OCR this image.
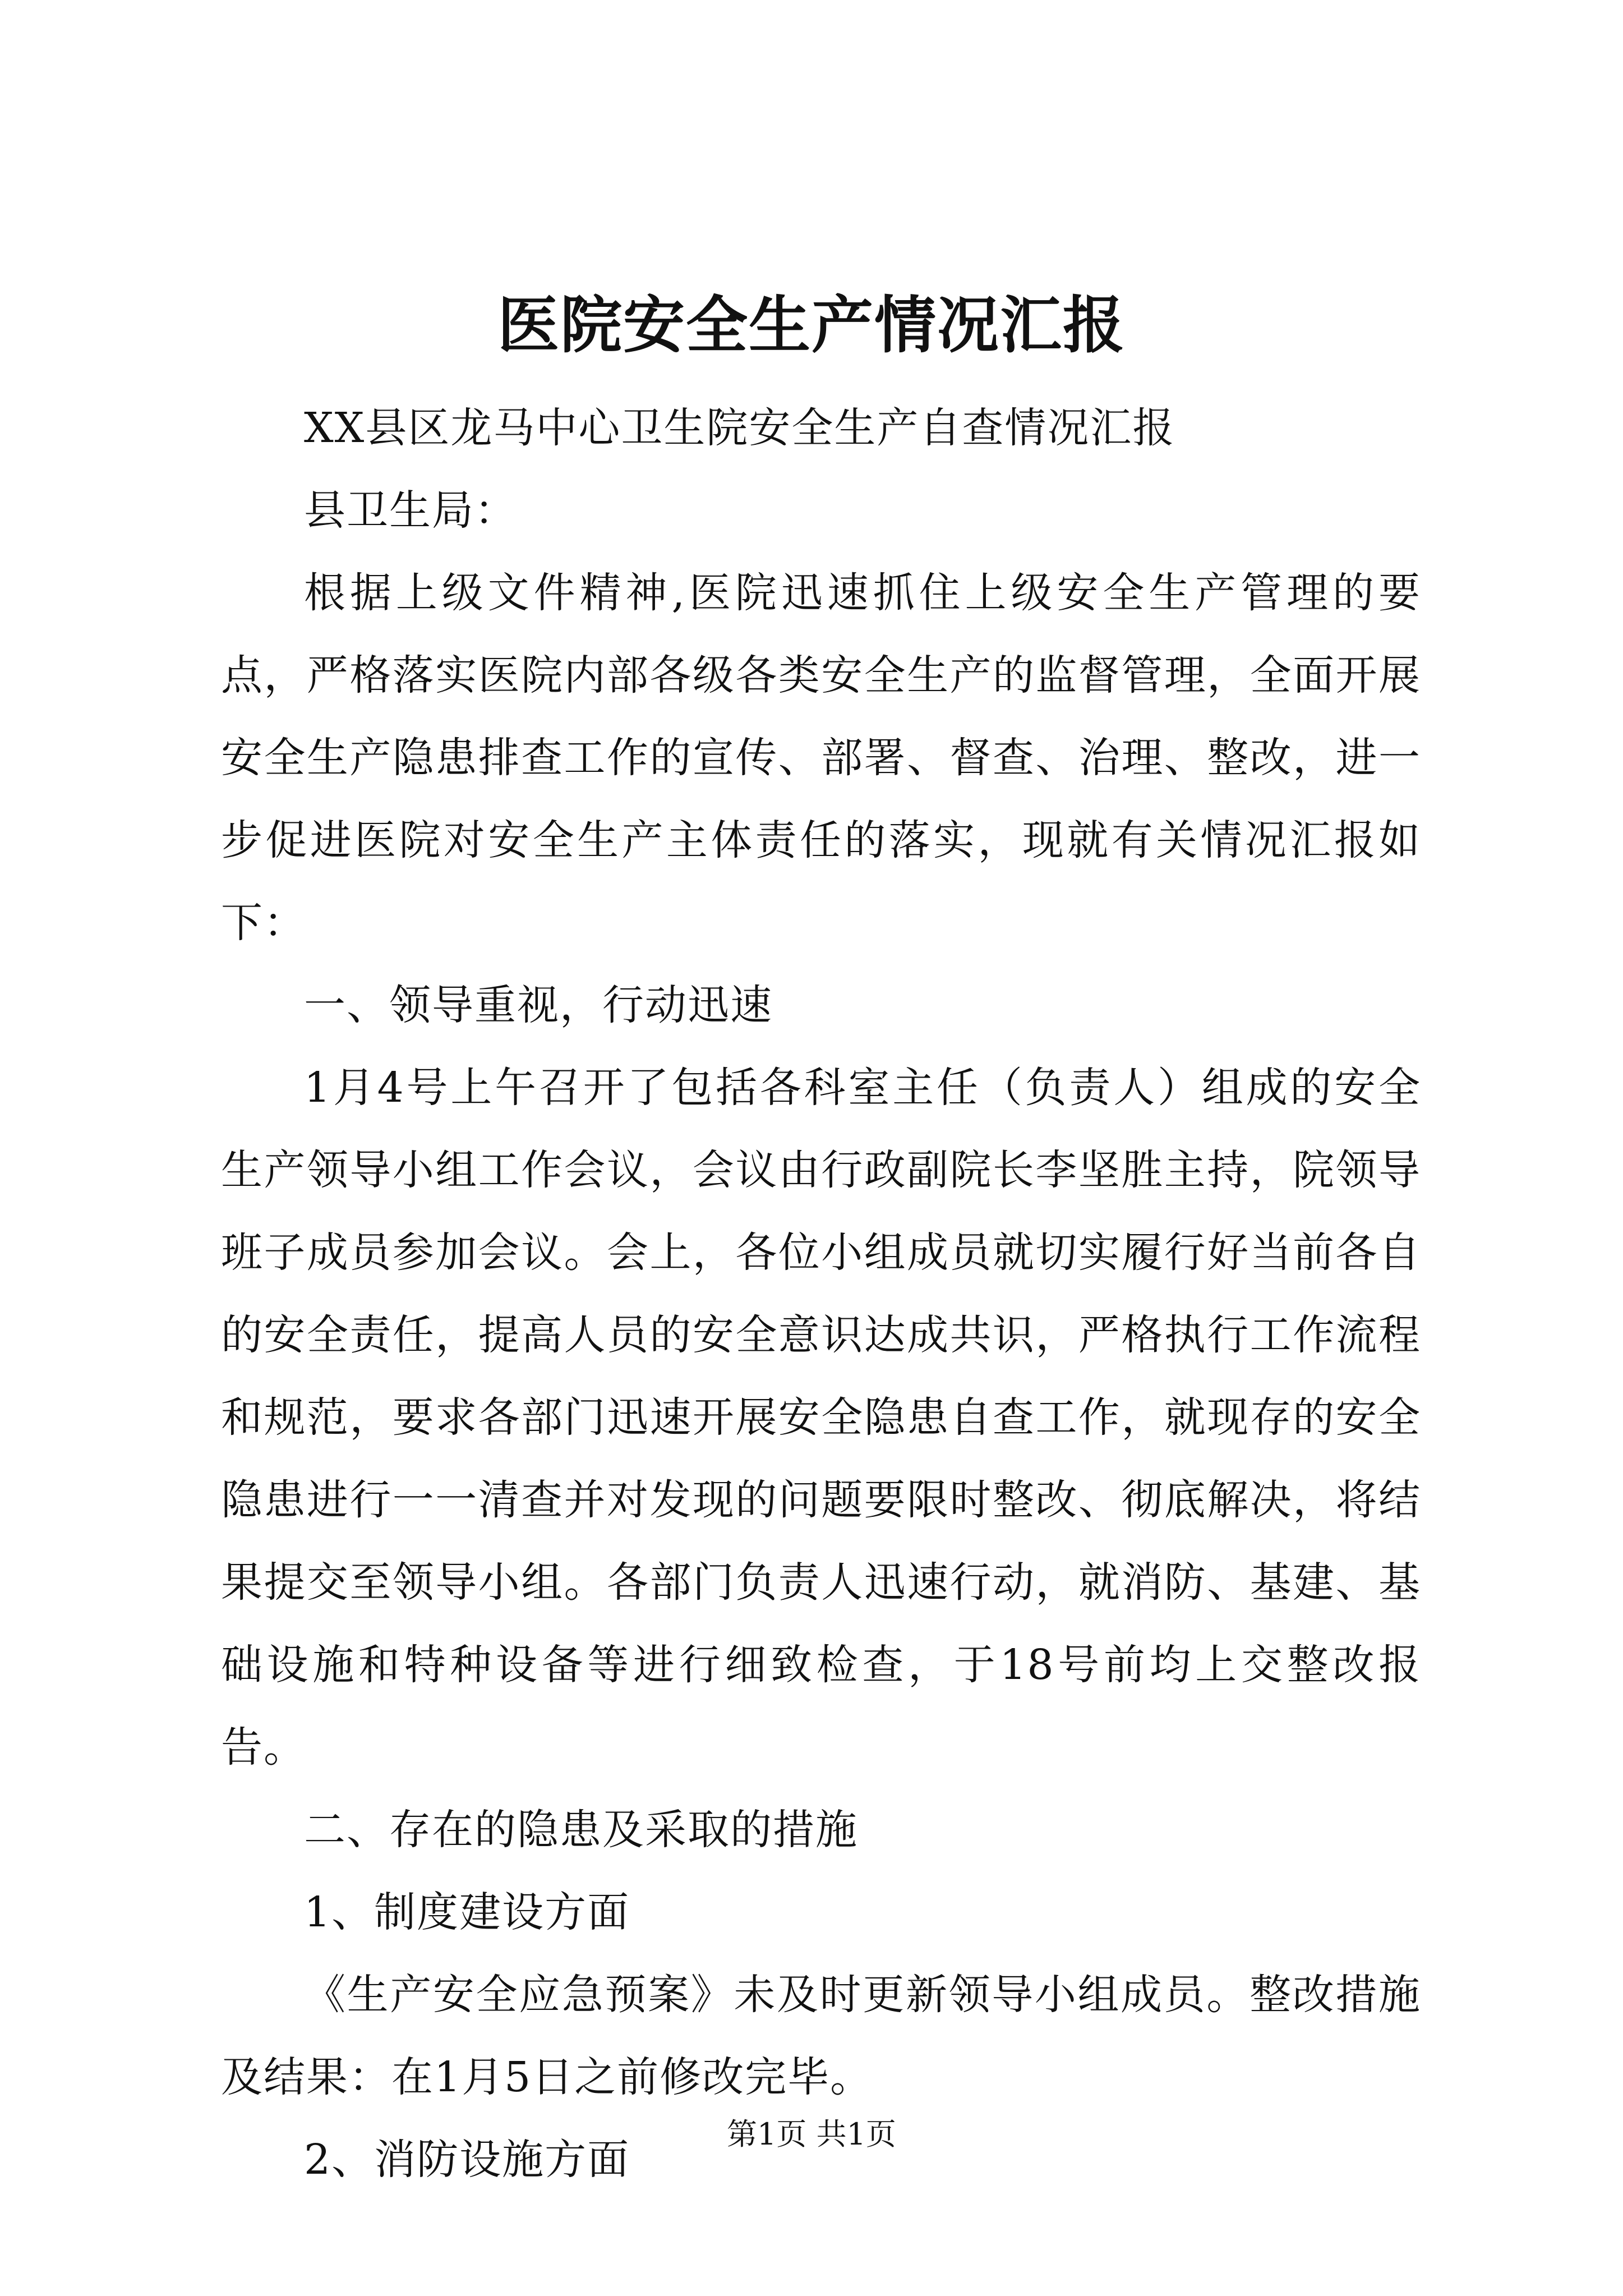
医院安全生产情况汇报

XX县区龙马中心卫生院安全生产自查情况汇报

县卫生局：

根据上级文件精神,医院迅速抓住上级安全生产管理的要点，严格落实医院内部各级各类安全生产的监督管理，全面开展安全生产隐患排查工作的宣传、部署、督查、治理、整改，进一步促进医院对安全生产主体责任的落实，现就有关情况汇报如下：

一、领导重视，行动迅速

1月4号上午召开了包括各科室主任（负责人）组成的安全生产领导小组工作会议，会议由行政副院长李坚胜主持，院领导班子成员参加会议。会上，各位小组成员就切实履行好当前各自的安全责任，提高人员的安全意识达成共识，严格执行工作流程和规范，要求各部门迅速开展安全隐患自查工作，就现存的安全隐患进行一一清查并对发现的问题要限时整改、彻底解决，将结果提交至领导小组。各部门负责人迅速行动，就消防、基建、基础设施和特种设备等进行细致检查，于18号前均上交整改报告。

二、存在的隐患及采取的措施

1、制度建设方面

《生产安全应急预案》未及时更新领导小组成员。整改措施及结果：在1月5日之前修改完毕。

2、消防设施方面

第1页 共1页
